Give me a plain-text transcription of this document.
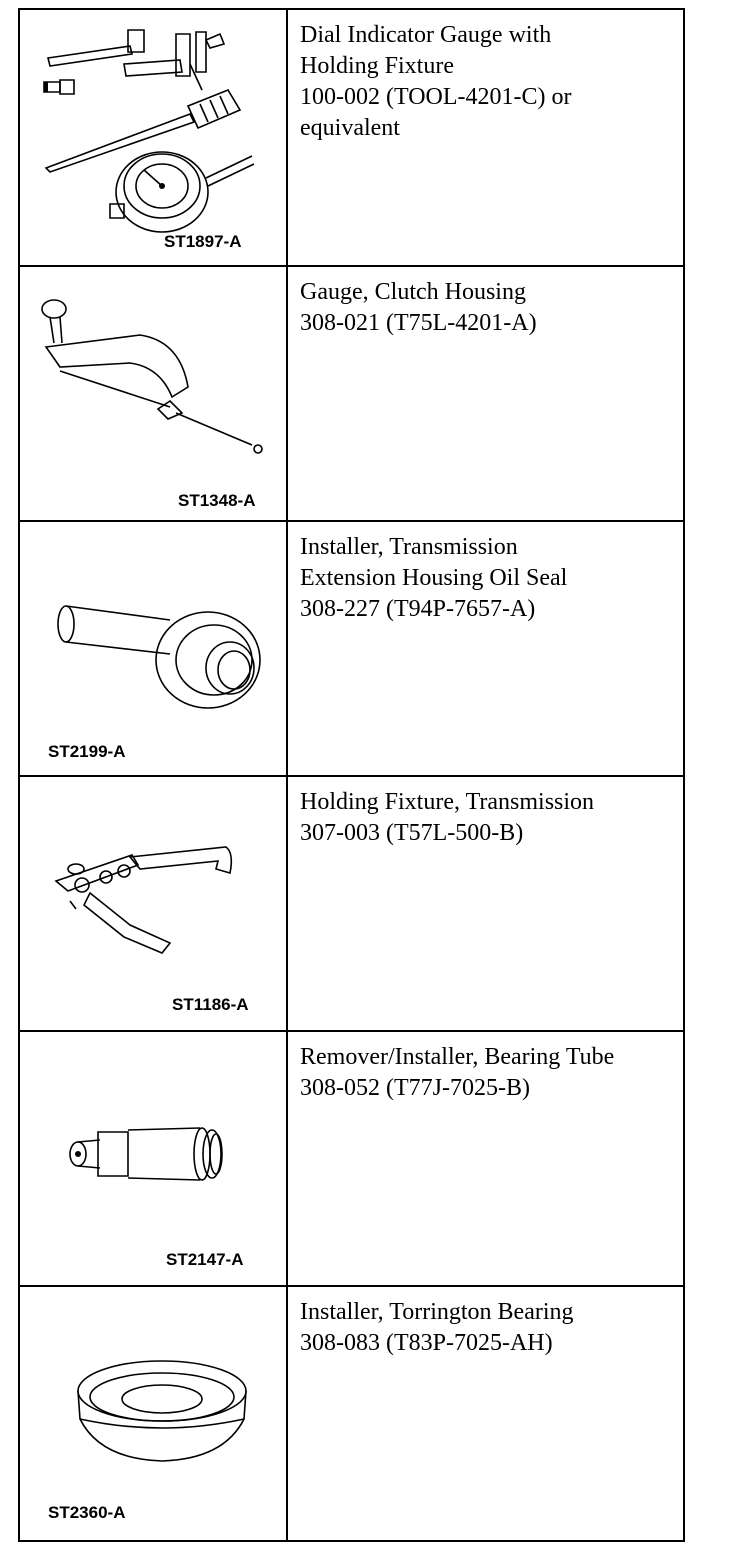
ST1897-A
Dial Indicator Gauge with
Holding Fixture
100-002 (TOOL-4201-C) or
equivalent
ST1348-A
Gauge, Clutch Housing
308-021 (T75L-4201-A)
ST2199-A
Installer, Transmission
Extension Housing Oil Seal
308-227 (T94P-7657-A)
ST1186-A
Holding Fixture, Transmission
307-003 (T57L-500-B)
ST2147-A
Remover/Installer, Bearing Tube
308-052 (T77J-7025-B)
ST2360-A
Installer, Torrington Bearing
308-083 (T83P-7025-AH)
